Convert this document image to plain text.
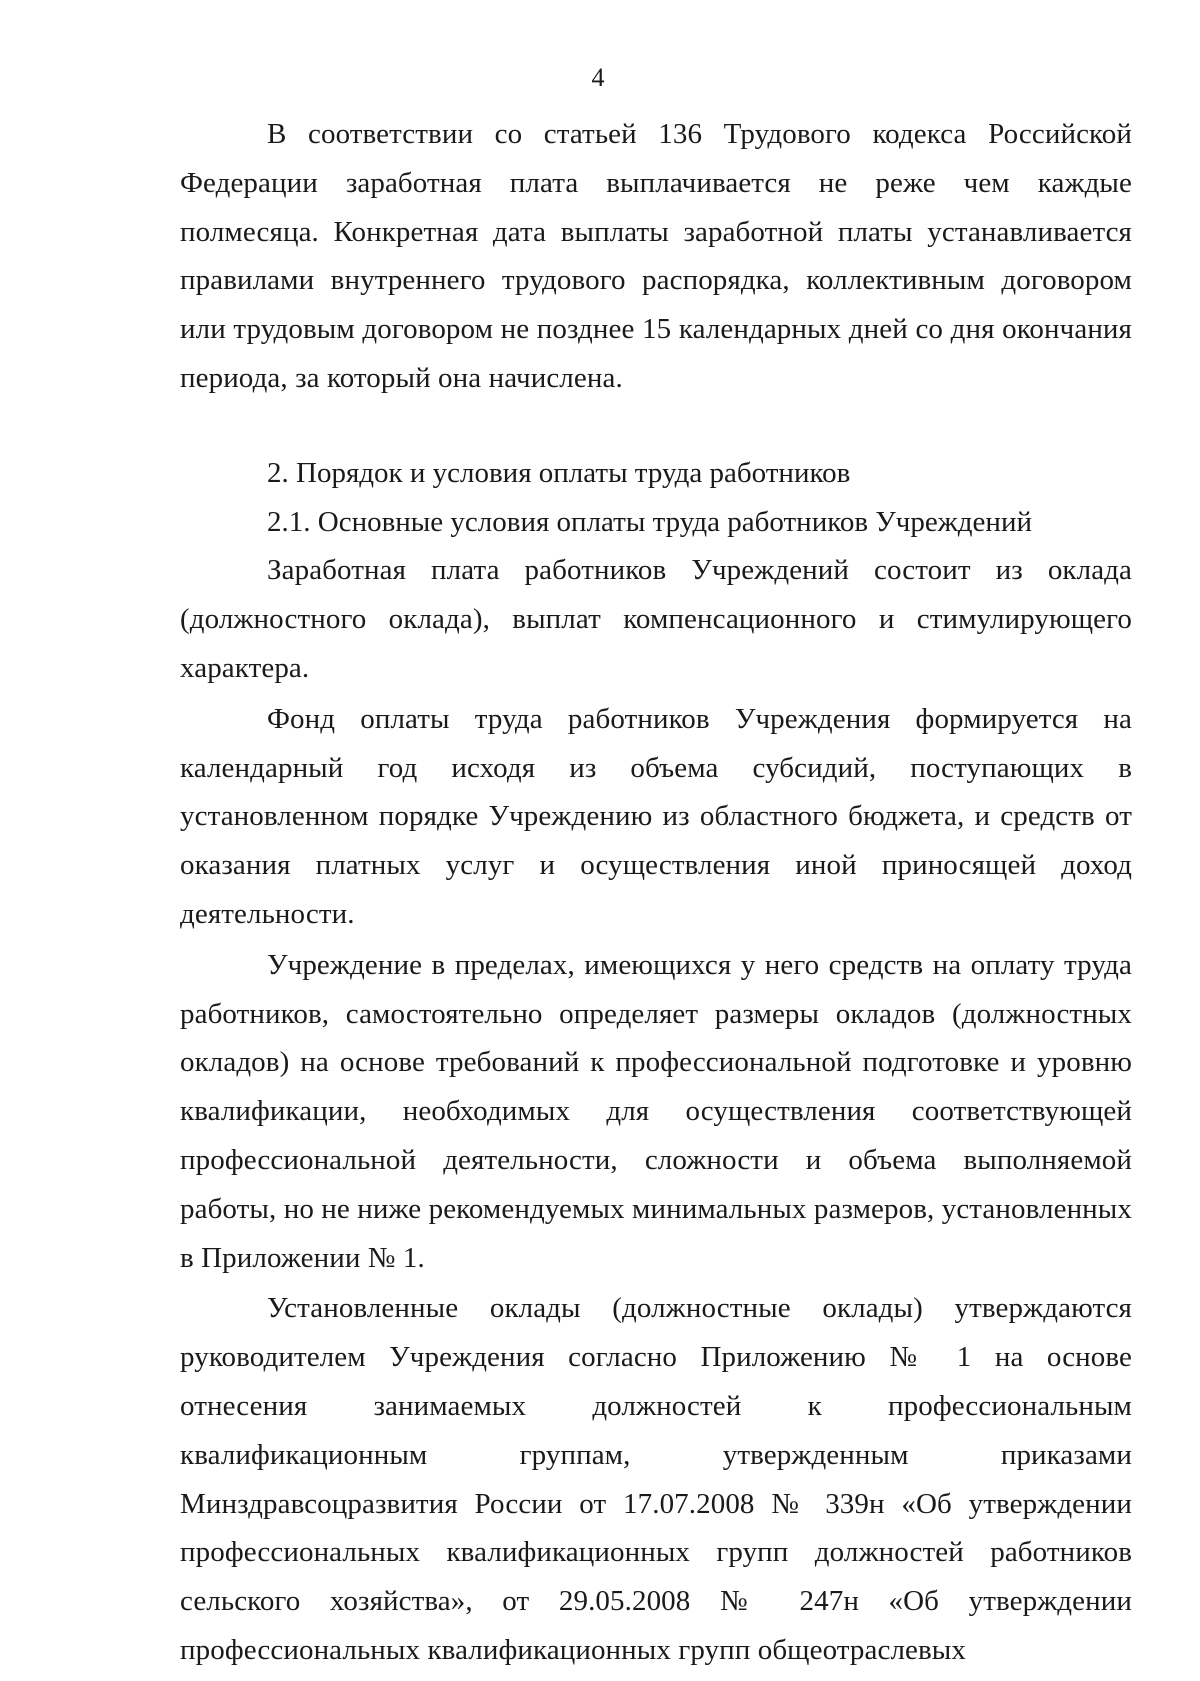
4

В соответствии со статьей 136 Трудового кодекса Российской Федерации заработная плата выплачивается не реже чем каждые полмесяца. Конкретная дата выплаты заработной платы устанавливается правилами внутреннего трудового распорядка, коллективным договором или трудовым договором не позднее 15 календарных дней со дня окончания периода, за который она начислена.

2. Порядок и условия оплаты труда работников

2.1. Основные условия оплаты труда работников Учреждений

Заработная плата работников Учреждений состоит из оклада (должностного оклада), выплат компенсационного и стимулирующего характера.

Фонд оплаты труда работников Учреждения формируется на календарный год исходя из объема субсидий, поступающих в установленном порядке Учреждению из областного бюджета, и средств от оказания платных услуг и осуществления иной приносящей доход деятельности.

Учреждение в пределах, имеющихся у него средств на оплату труда работников, самостоятельно определяет размеры окладов (должностных окладов) на основе требований к профессиональной подготовке и уровню квалификации, необходимых для осуществления соответствующей профессиональной деятельности, сложности и объема выполняемой работы, но не ниже рекомендуемых минимальных размеров, установленных в Приложении № 1.

Установленные оклады (должностные оклады) утверждаются руководителем Учреждения согласно Приложению № 1 на основе отнесения занимаемых должностей к профессиональным квалификационным группам, утвержденным приказами Минздравсоцразвития России от 17.07.2008 № 339н «Об утверждении профессиональных квалификационных групп должностей работников сельского хозяйства», от 29.05.2008 № 247н «Об утверждении профессиональных квалификационных групп общеотраслевых
